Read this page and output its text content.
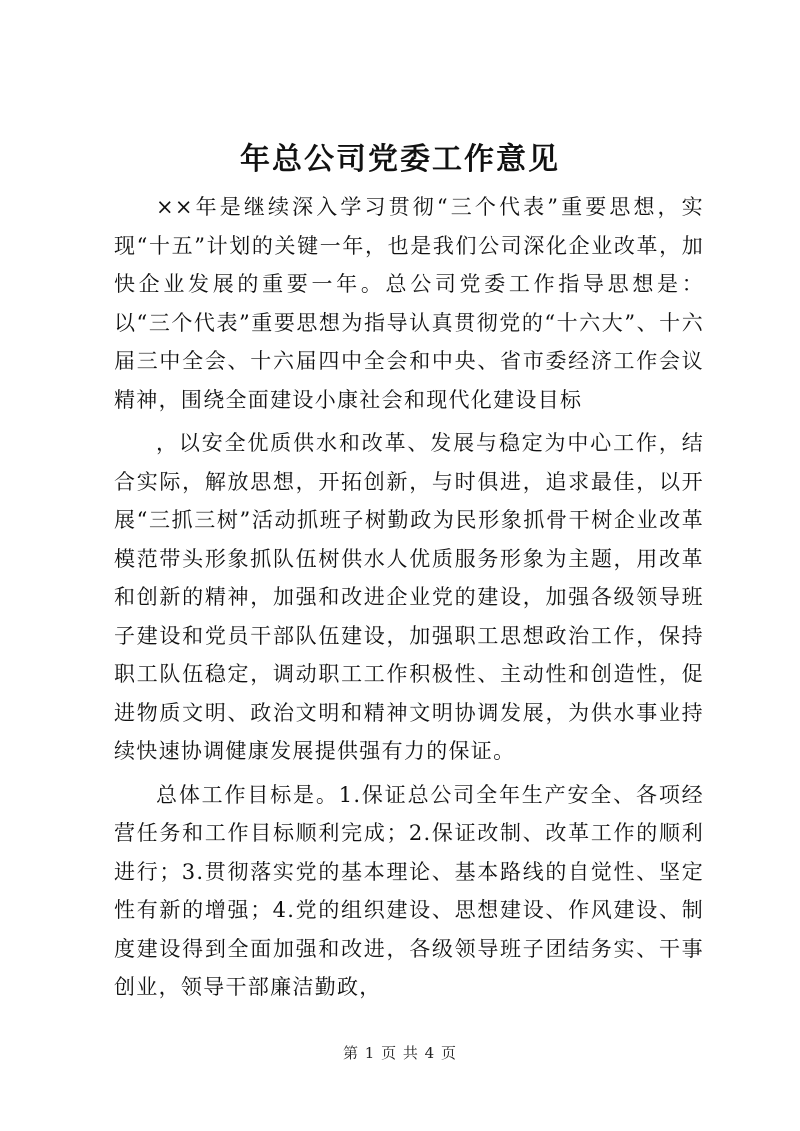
年总公司党委工作意见

××年是继续深入学习贯彻“三个代表”重要思想，实现“十五”计划的关键一年，也是我们公司深化企业改革，加快企业发展的重要一年。总公司党委工作指导思想是：以“三个代表”重要思想为指导认真贯彻党的“十六大”、十六届三中全会、十六届四中全会和中央、省市委经济工作会议精神，围绕全面建设小康社会和现代化建设目标

，以安全优质供水和改革、发展与稳定为中心工作，结合实际，解放思想，开拓创新，与时俱进，追求最佳，以开展“三抓三树”活动抓班子树勤政为民形象抓骨干树企业改革模范带头形象抓队伍树供水人优质服务形象为主题，用改革和创新的精神，加强和改进企业党的建设，加强各级领导班子建设和党员干部队伍建设，加强职工思想政治工作，保持职工队伍稳定，调动职工工作积极性、主动性和创造性，促进物质文明、政治文明和精神文明协调发展，为供水事业持续快速协调健康发展提供强有力的保证。

总体工作目标是。1.保证总公司全年生产安全、各项经营任务和工作目标顺利完成；2.保证改制、改革工作的顺利进行；3.贯彻落实党的基本理论、基本路线的自觉性、坚定性有新的增强；4.党的组织建设、思想建设、作风建设、制度建设得到全面加强和改进，各级领导班子团结务实、干事创业，领导干部廉洁勤政，

第 1 页 共 4 页
